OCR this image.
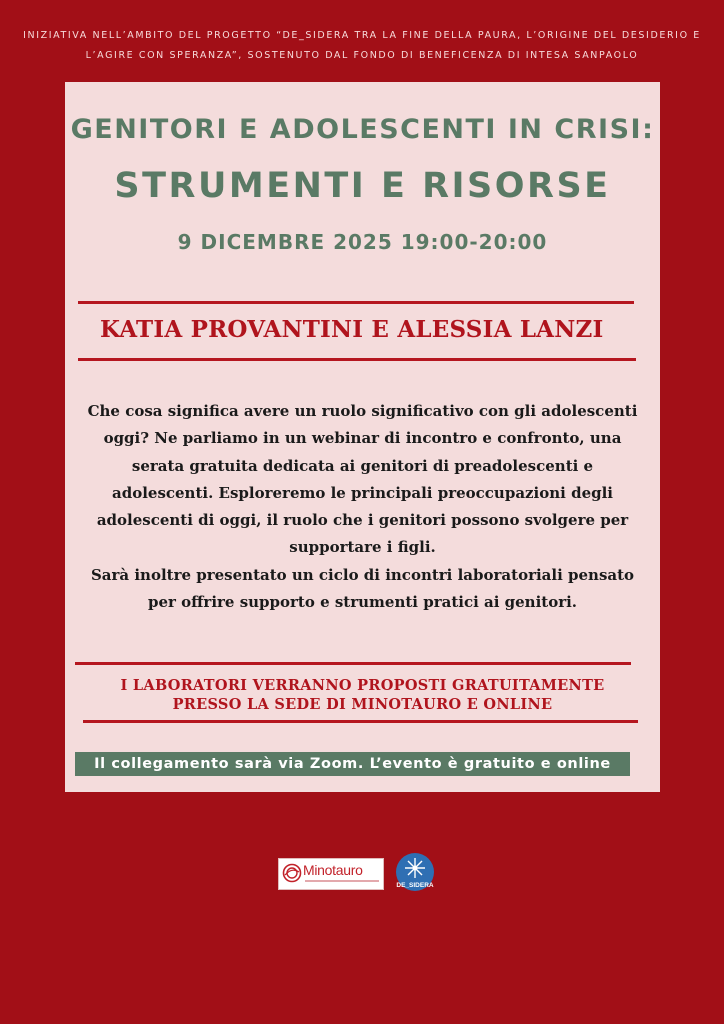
INIZIATIVA NELL’AMBITO DEL PROGETTO “DE_SIDERA TRA LA FINE DELLA PAURA, L’ORIGINE DEL DESIDERIO E
L’AGIRE CON SPERANZA”, SOSTENUTO DAL FONDO DI BENEFICENZA DI INTESA SANPAOLO
GENITORI E ADOLESCENTI IN CRISI:
STRUMENTI E RISORSE
9 DICEMBRE 2025 19:00-20:00
KATIA PROVANTINI E ALESSIA LANZI

Che cosa significa avere un ruolo significativo con gli adolescenti oggi? Ne parliamo in un webinar di incontro e confronto, una serata gratuita dedicata ai genitori di preadolescenti e adolescenti. Esploreremo le principali preoccupazioni degli adolescenti di oggi, il ruolo che i genitori possono svolgere per supportare i figli.

Sarà inoltre presentato un ciclo di incontri laboratoriali pensato per offrire supporto e strumenti pratici ai genitori.

I LABORATORI VERRANNO PROPOSTI GRATUITAMENTE
PRESSO LA SEDE DI MINOTAURO E ONLINE
Il collegamento sarà via Zoom. L’evento è gratuito e online
Minotauro
DE_SIDERA
